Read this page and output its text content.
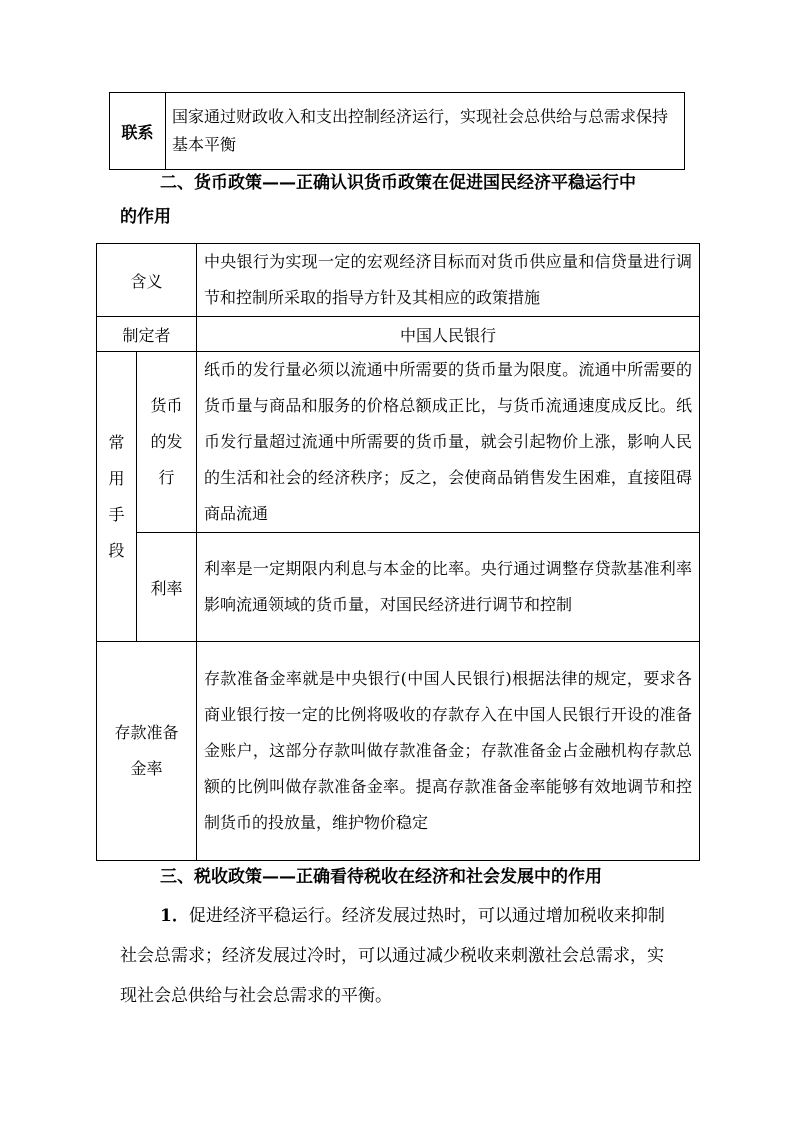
联系	国家通过财政收入和支出控制经济运行，实现社会总供给与总需求保持基本平衡
二、货币政策——正确认识货币政策在促进国民经济平稳运行中
的作用
含义		中央银行为实现一定的宏观经济目标而对货币供应量和信贷量进行调节和控制所采取的指导方针及其相应的政策措施
制定者		中国人民银行
常
用
手
段	货币的发行	纸币的发行量必须以流通中所需要的货币量为限度。流通中所需要的货币量与商品和服务的价格总额成正比，与货币流通速度成反比。纸币发行量超过流通中所需要的货币量，就会引起物价上涨，影响人民的生活和社会的经济秩序；反之，会使商品销售发生困难，直接阻碍商品流通
	利率	利率是一定期限内利息与本金的比率。央行通过调整存贷款基准利率影响流通领域的货币量，对国民经济进行调节和控制
存款准备
金率		存款准备金率就是中央银行(中国人民银行)根据法律的规定，要求各商业银行按一定的比例将吸收的存款存入在中国人民银行开设的准备金账户，这部分存款叫做存款准备金；存款准备金占金融机构存款总额的比例叫做存款准备金率。提高存款准备金率能够有效地调节和控制货币的投放量，维护物价稳定
三、税收政策——正确看待税收在经济和社会发展中的作用
1．促进经济平稳运行。经济发展过热时，可以通过增加税收来抑制社会总需求；经济发展过冷时，可以通过减少税收来刺激社会总需求，实现社会总供给与社会总需求的平衡。
